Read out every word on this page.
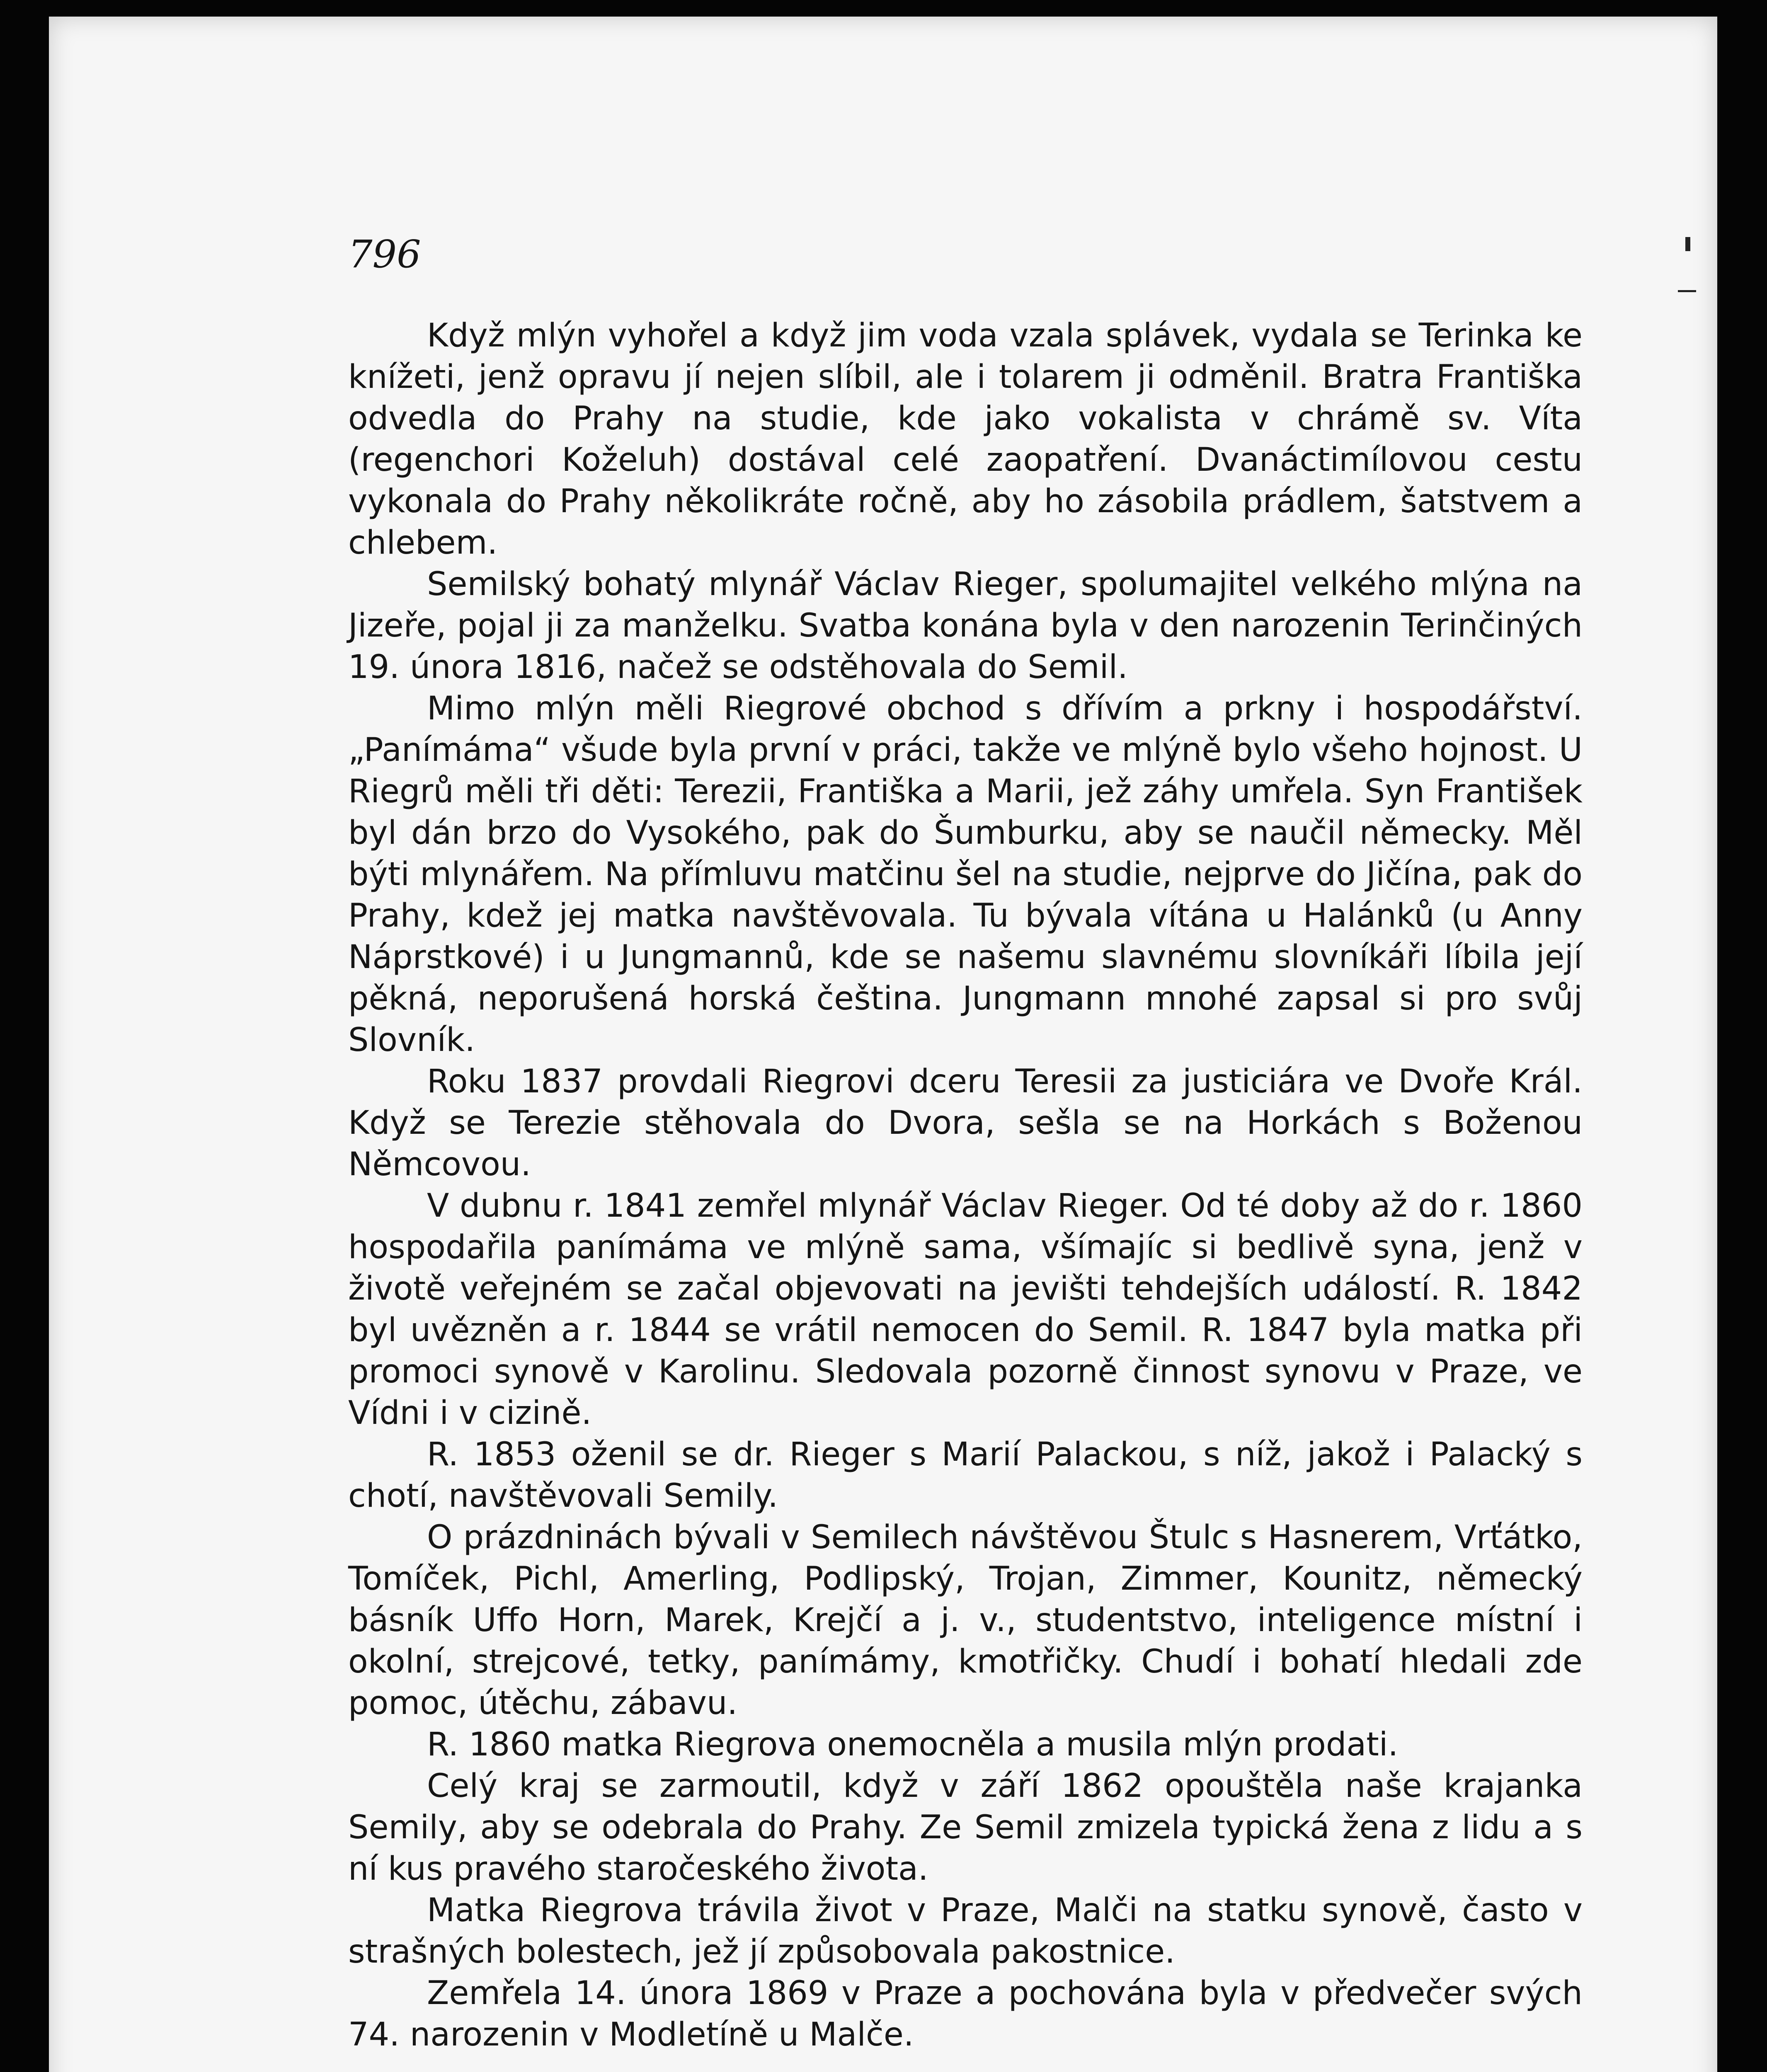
796

Když mlýn vyhořel a když jim voda vzala splávek, vydala se Terinka ke knížeti, jenž opravu jí nejen slíbil, ale i tolarem ji odměnil. Bratra Františka odvedla do Prahy na studie, kde jako vokalista v chrámě sv. Víta (regenchori Koželuh) dostával celé zaopatření. Dvanáctimílovou cestu vykonala do Prahy několikráte ročně, aby ho zásobila prádlem, šatstvem a chlebem.

Semilský bohatý mlynář Václav Rieger, spolumajitel velkého mlýna na Jizeře, pojal ji za manželku. Svatba konána byla v den narozenin Terinčiných 19. února 1816, načež se odstěhovala do Semil.

Mimo mlýn měli Riegrové obchod s dřívím a prkny i hospodářství. „Panímáma“ všude byla první v práci, takže ve mlýně bylo všeho hojnost. U Riegrů měli tři děti: Terezii, Františka a Marii, jež záhy umřela. Syn František byl dán brzo do Vysokého, pak do Šumburku, aby se naučil německy. Měl býti mlynářem. Na přímluvu matčinu šel na studie, nejprve do Jičína, pak do Prahy, kdež jej matka navštěvovala. Tu bývala vítána u Halánků (u Anny Náprstkové) i u Jungmannů, kde se našemu slavnému slovníkáři líbila její pěkná, neporušená horská čeština. Jungmann mnohé zapsal si pro svůj Slovník.

Roku 1837 provdali Riegrovi dceru Teresii za justiciára ve Dvoře Král. Když se Terezie stěhovala do Dvora, sešla se na Horkách s Boženou Němcovou.

V dubnu r. 1841 zemřel mlynář Václav Rieger. Od té doby až do r. 1860 hospodařila panímáma ve mlýně sama, všímajíc si bedlivě syna, jenž v životě veřejném se začal objevovati na jevišti tehdejších událostí. R. 1842 byl uvězněn a r. 1844 se vrátil nemocen do Semil. R. 1847 byla matka při promoci synově v Karolinu. Sledovala pozorně činnost synovu v Praze, ve Vídni i v cizině.

R. 1853 oženil se dr. Rieger s Marií Palackou, s níž, jakož i Palacký s chotí, navštěvovali Semily.

O prázdninách bývali v Semilech návštěvou Štulc s Hasnerem, Vrťátko, Tomíček, Pichl, Amerling, Podlipský, Trojan, Zimmer, Kounitz, německý básník Uffo Horn, Marek, Krejčí a j. v., studentstvo, inteligence místní i okolní, strejcové, tetky, panímámy, kmotřičky. Chudí i bohatí hledali zde pomoc, útěchu, zábavu.

R. 1860 matka Riegrova onemocněla a musila mlýn prodati.

Celý kraj se zarmoutil, když v září 1862 opouštěla naše krajanka Semily, aby se odebrala do Prahy. Ze Semil zmizela typická žena z lidu a s ní kus pravého staročeského života.

Matka Riegrova trávila život v Praze, Malči na statku synově, často v strašných bolestech, jež jí způsobovala pakostnice.

Zemřela 14. února 1869 v Praze a pochována byla v předvečer svých 74. narozenin v Modletíně u Malče.
